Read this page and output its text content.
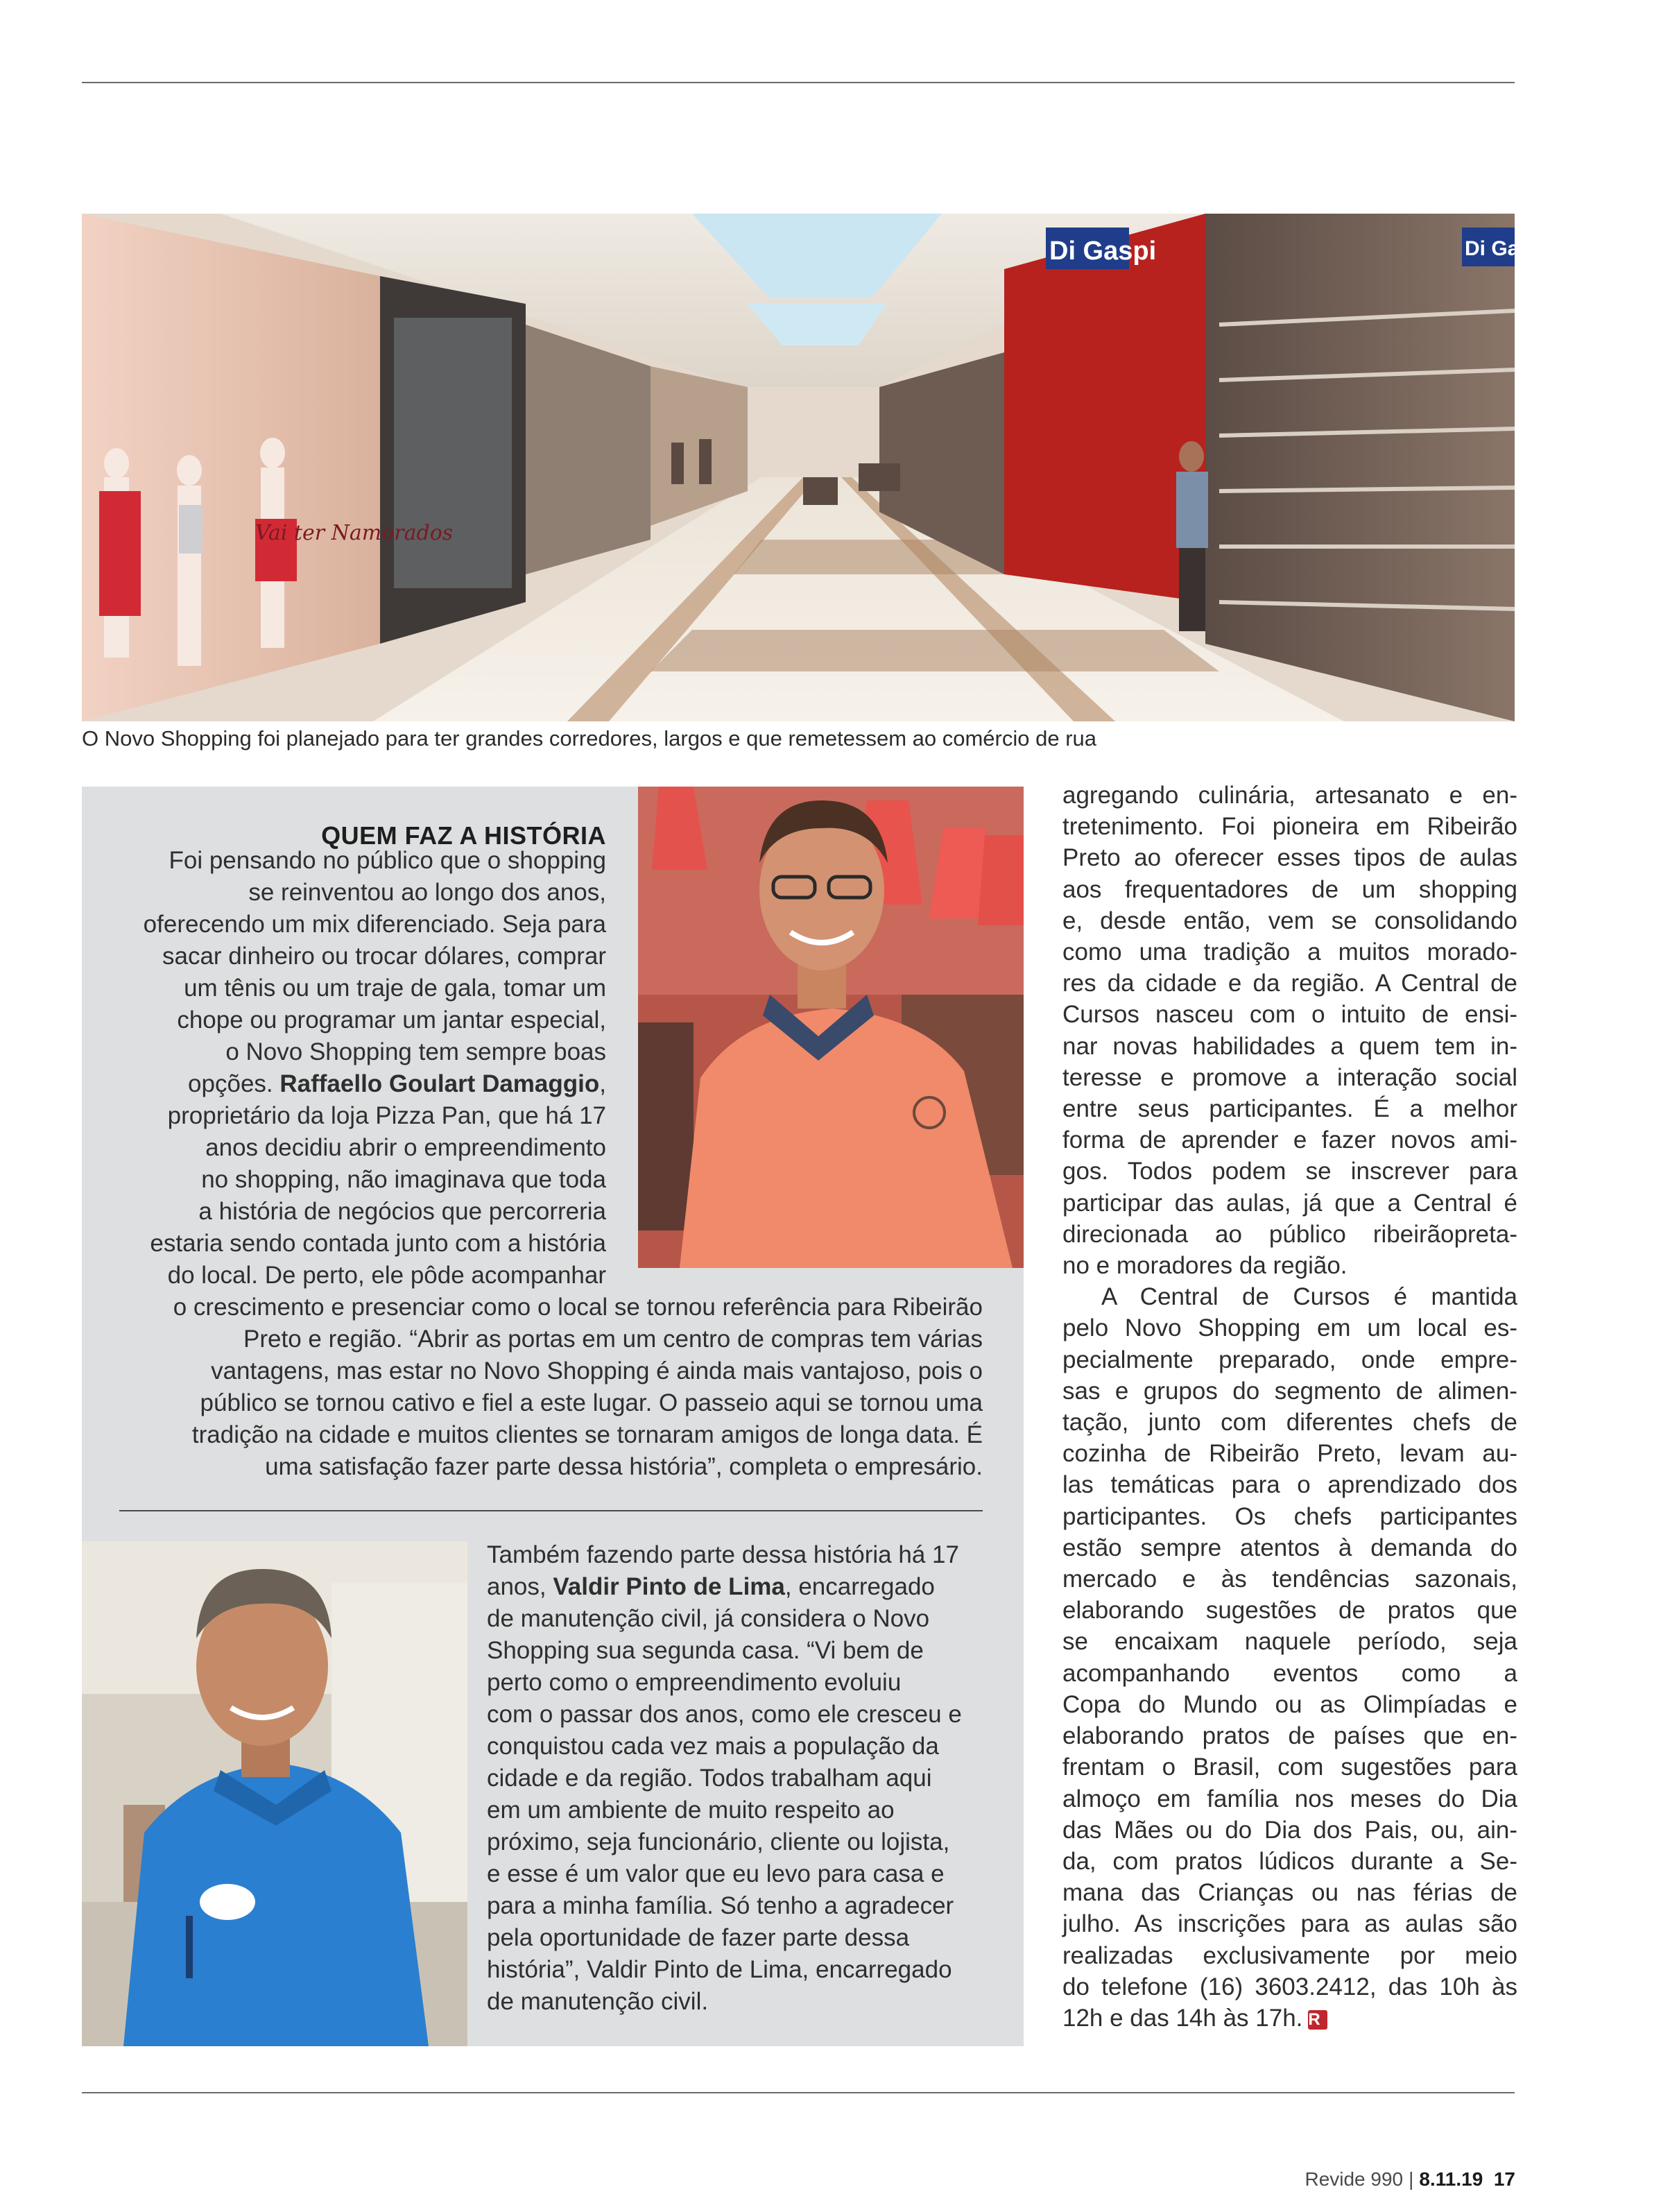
Vai ter Namorados
Di Gaspi	Di Gasp
O Novo Shopping foi planejado para ter grandes corredores, largos e que remetessem ao comércio de rua
QUEM FAZ A HISTÓRIA
Foi pensando no público que o shopping
se reinventou ao longo dos anos,
oferecendo um mix diferenciado. Seja para
sacar dinheiro ou trocar dólares, comprar
um tênis ou um traje de gala, tomar um
chope ou programar um jantar especial,
o Novo Shopping tem sempre boas
opções. Raffaello Goulart Damaggio,
proprietário da loja Pizza Pan, que há 17
anos decidiu abrir o empreendimento
no shopping, não imaginava que toda
a história de negócios que percorreria
estaria sendo contada junto com a história
do local. De perto, ele pôde acompanhar
o crescimento e presenciar como o local se tornou referência para Ribeirão
Preto e região. “Abrir as portas em um centro de compras tem várias
vantagens, mas estar no Novo Shopping é ainda mais vantajoso, pois o
público se tornou cativo e fiel a este lugar. O passeio aqui se tornou uma
tradição na cidade e muitos clientes se tornaram amigos de longa data. É
uma satisfação fazer parte dessa história”, completa o empresário.
Também fazendo parte dessa história há 17
anos, Valdir Pinto de Lima, encarregado
de manutenção civil, já considera o Novo
Shopping sua segunda casa. “Vi bem de
perto como o empreendimento evoluiu
com o passar dos anos, como ele cresceu e
conquistou cada vez mais a população da
cidade e da região. Todos trabalham aqui
em um ambiente de muito respeito ao
próximo, seja funcionário, cliente ou lojista,
e esse é um valor que eu levo para casa e
para a minha família. Só tenho a agradecer
pela oportunidade de fazer parte dessa
história”, Valdir Pinto de Lima, encarregado
de manutenção civil.
agregando culinária, artesanato e en-
tretenimento. Foi pioneira em Ribeirão
Preto ao oferecer esses tipos de aulas
aos frequentadores de um shopping
e, desde então, vem se consolidando
como uma tradição a muitos morado-
res da cidade e da região. A Central de
Cursos nasceu com o intuito de ensi-
nar novas habilidades a quem tem in-
teresse e promove a interação social
entre seus participantes. É a melhor
forma de aprender e fazer novos ami-
gos. Todos podem se inscrever para
participar das aulas, já que a Central é
direcionada ao público ribeirãopreta-
no e moradores da região.
A Central de Cursos é mantida
pelo Novo Shopping em um local es-
pecialmente preparado, onde empre-
sas e grupos do segmento de alimen-
tação, junto com diferentes chefs de
cozinha de Ribeirão Preto, levam au-
las temáticas para o aprendizado dos
participantes. Os chefs participantes
estão sempre atentos à demanda do
mercado e às tendências sazonais,
elaborando sugestões de pratos que
se encaixam naquele período, seja
acompanhando eventos como a
Copa do Mundo ou as Olimpíadas e
elaborando pratos de países que en-
frentam o Brasil, com sugestões para
almoço em família nos meses do Dia
das Mães ou do Dia dos Pais, ou, ain-
da, com pratos lúdicos durante a Se-
mana das Crianças ou nas férias de
julho. As inscrições para as aulas são
realizadas exclusivamente por meio
do telefone (16) 3603.2412, das 10h às
12h e das 14h às 17h. R
Revide 990 | 8.11.19 17
